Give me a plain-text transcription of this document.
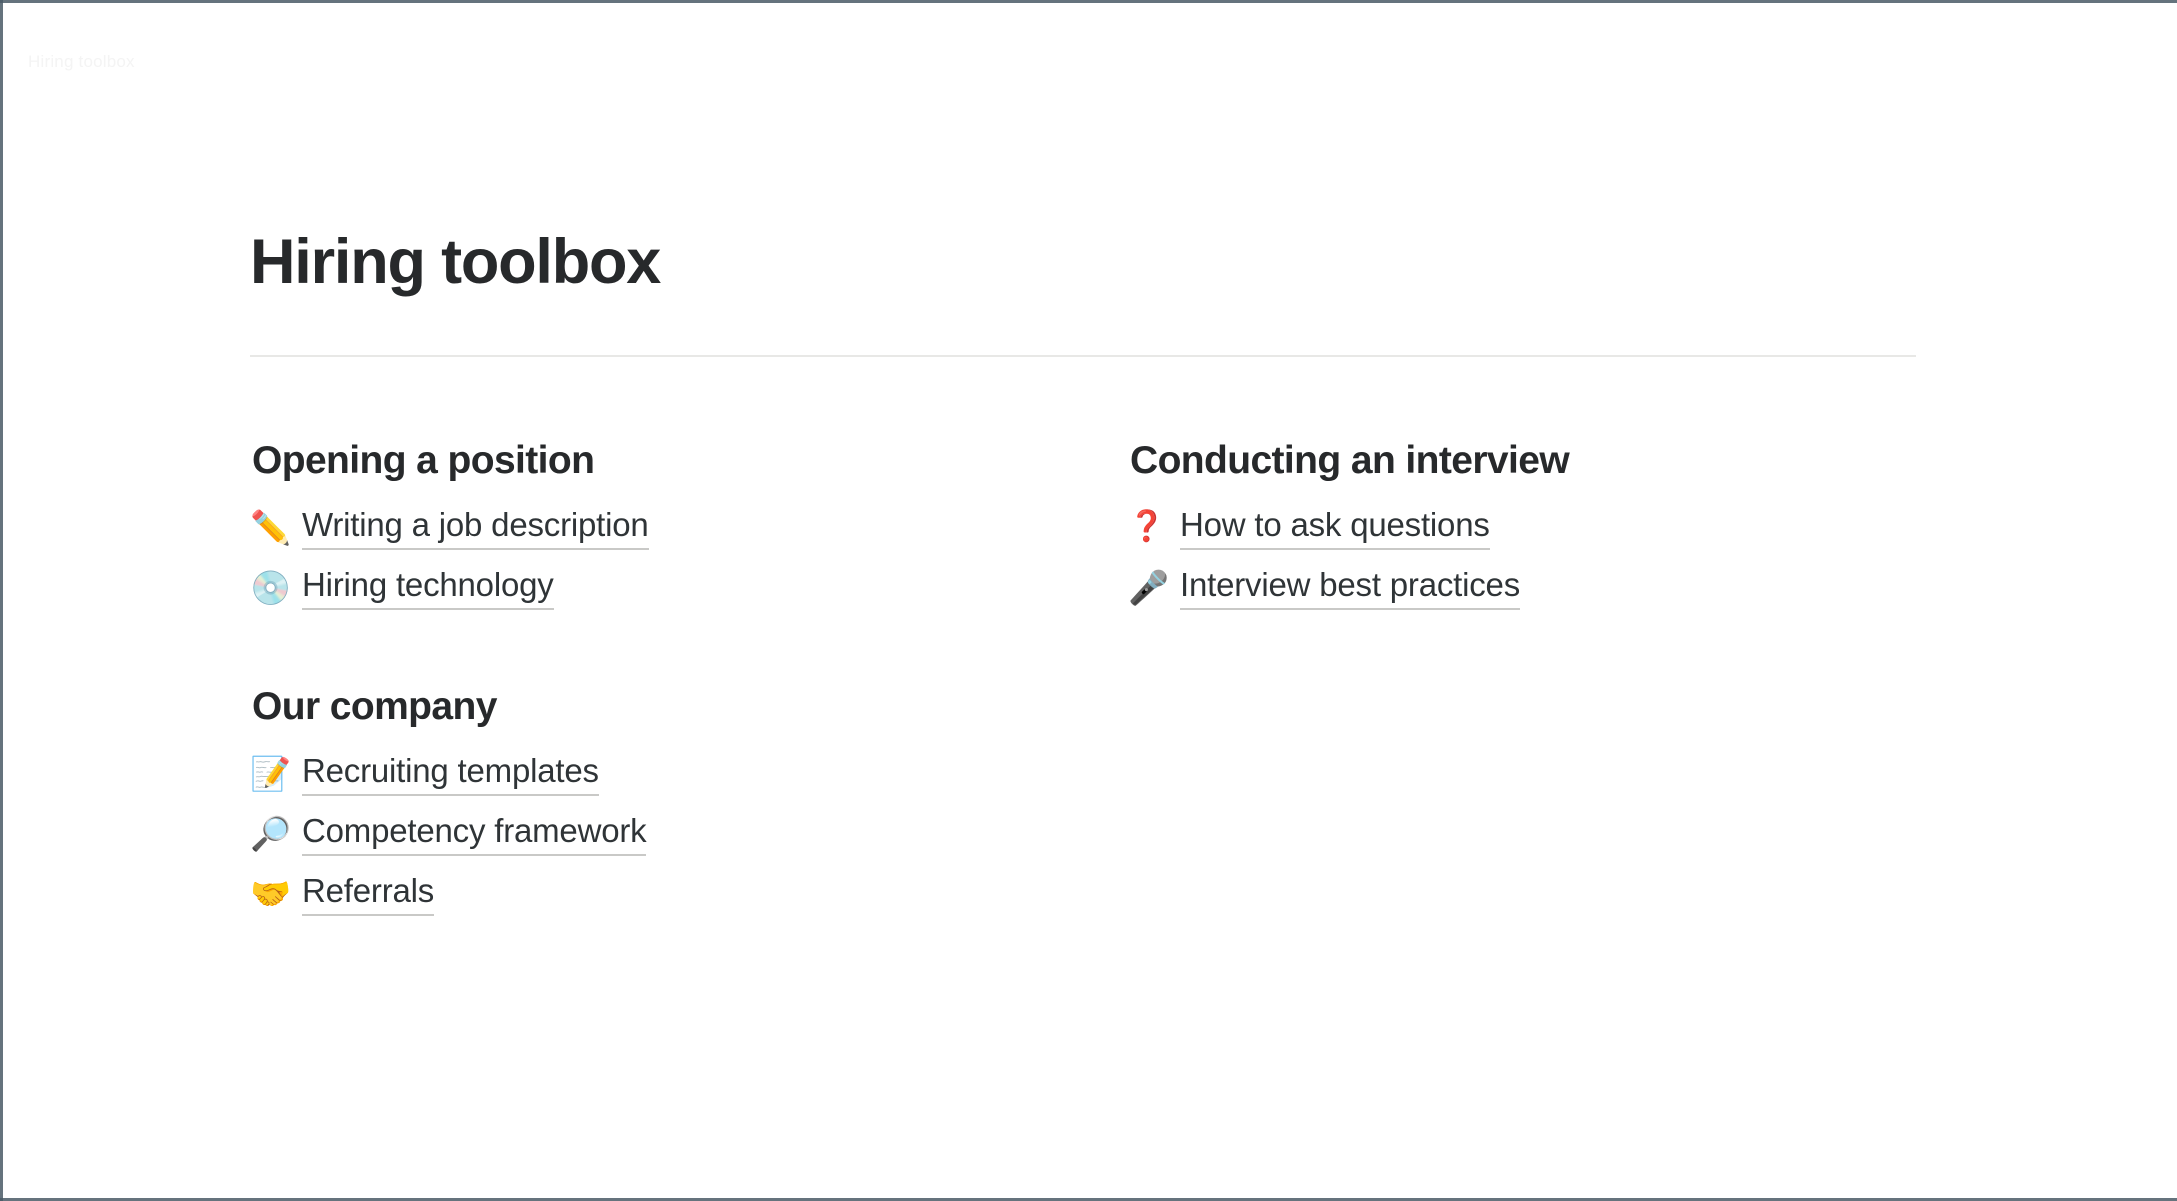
Hiring toolbox
Hiring toolbox
Opening a position
✏️ Writing a job description
💿 Hiring technology
Our company
📝 Recruiting templates
🔎 Competency framework
🤝 Referrals
Conducting an interview
❓ How to ask questions
🎤 Interview best practices
